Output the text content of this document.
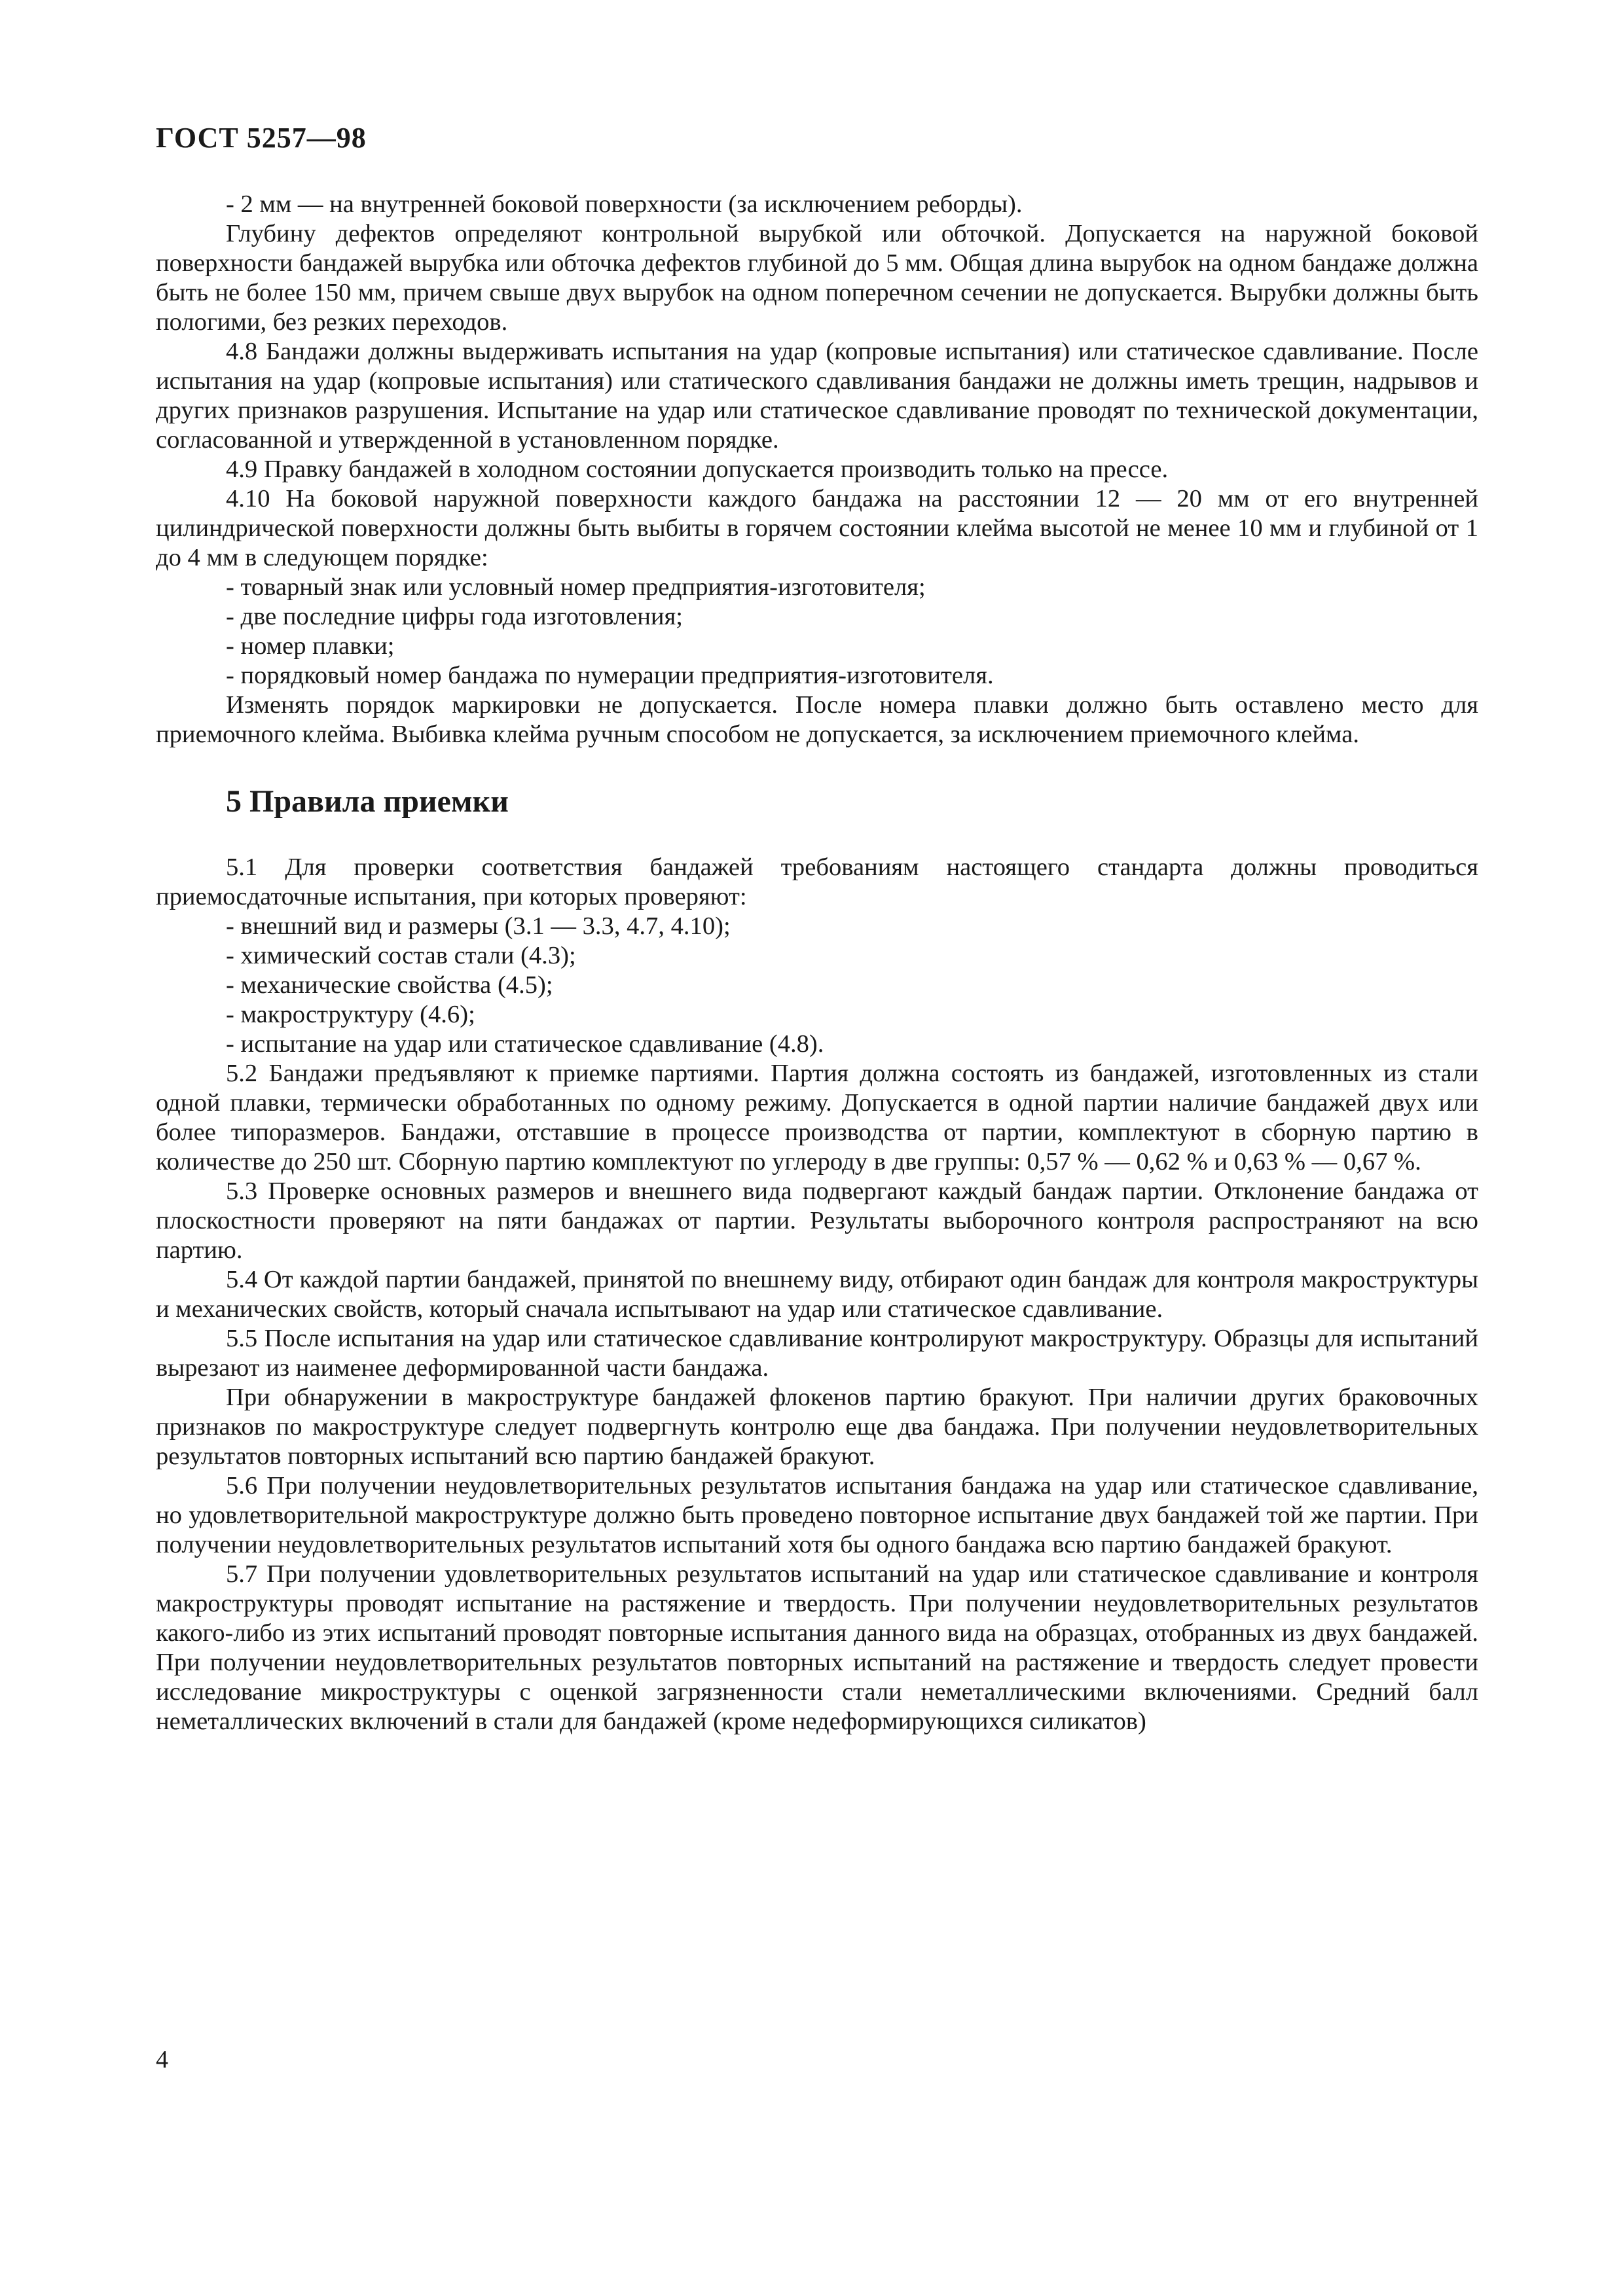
ГОСТ 5257—98

- 2 мм — на внутренней боковой поверхности (за исключением реборды).

Глубину дефектов определяют контрольной вырубкой или обточкой. Допускается на наружной боковой поверхности бандажей вырубка или обточка дефектов глубиной до 5 мм. Общая длина вырубок на одном бандаже должна быть не более 150 мм, причем свыше двух вырубок на одном поперечном сечении не допускается. Вырубки должны быть пологими, без резких переходов.

4.8 Бандажи должны выдерживать испытания на удар (копровые испытания) или статическое сдавливание. После испытания на удар (копровые испытания) или статического сдавливания бандажи не должны иметь трещин, надрывов и других признаков разрушения. Испытание на удар или статическое сдавливание проводят по технической документации, согласованной и утвержденной в установленном порядке.

4.9 Правку бандажей в холодном состоянии допускается производить только на прессе.

4.10 На боковой наружной поверхности каждого бандажа на расстоянии 12 — 20 мм от его внутренней цилиндрической поверхности должны быть выбиты в горячем состоянии клейма высотой не менее 10 мм и глубиной от 1 до 4 мм в следующем порядке:

- товарный знак или условный номер предприятия-изготовителя;

- две последние цифры года изготовления;

- номер плавки;

- порядковый номер бандажа по нумерации предприятия-изготовителя.

Изменять порядок маркировки не допускается. После номера плавки должно быть оставлено место для приемочного клейма. Выбивка клейма ручным способом не допускается, за исключением приемочного клейма.

5 Правила приемки

5.1 Для проверки соответствия бандажей требованиям настоящего стандарта должны проводиться приемосдаточные испытания, при которых проверяют:

- внешний вид и размеры (3.1 — 3.3, 4.7, 4.10);

- химический состав стали (4.3);

- механические свойства (4.5);

- макроструктуру (4.6);

- испытание на удар или статическое сдавливание (4.8).

5.2 Бандажи предъявляют к приемке партиями. Партия должна состоять из бандажей, изготовленных из стали одной плавки, термически обработанных по одному режиму. Допускается в одной партии наличие бандажей двух или более типоразмеров. Бандажи, отставшие в процессе производства от партии, комплектуют в сборную партию в количестве до 250 шт. Сборную партию комплектуют по углероду в две группы: 0,57 % — 0,62 % и 0,63 % — 0,67 %.

5.3 Проверке основных размеров и внешнего вида подвергают каждый бандаж партии. Отклонение бандажа от плоскостности проверяют на пяти бандажах от партии. Результаты выборочного контроля распространяют на всю партию.

5.4 От каждой партии бандажей, принятой по внешнему виду, отбирают один бандаж для контроля макроструктуры и механических свойств, который сначала испытывают на удар или статическое сдавливание.

5.5 После испытания на удар или статическое сдавливание контролируют макроструктуру. Образцы для испытаний вырезают из наименее деформированной части бандажа.

При обнаружении в макроструктуре бандажей флокенов партию бракуют. При наличии других браковочных признаков по макроструктуре следует подвергнуть контролю еще два бандажа. При получении неудовлетворительных результатов повторных испытаний всю партию бандажей бракуют.

5.6 При получении неудовлетворительных результатов испытания бандажа на удар или статическое сдавливание, но удовлетворительной макроструктуре должно быть проведено повторное испытание двух бандажей той же партии. При получении неудовлетворительных результатов испытаний хотя бы одного бандажа всю партию бандажей бракуют.

5.7 При получении удовлетворительных результатов испытаний на удар или статическое сдавливание и контроля макроструктуры проводят испытание на растяжение и твердость. При получении неудовлетворительных результатов какого-либо из этих испытаний проводят повторные испытания данного вида на образцах, отобранных из двух бандажей. При получении неудовлетворительных результатов повторных испытаний на растяжение и твердость следует провести исследование микроструктуры с оценкой загрязненности стали неметаллическими включениями. Средний балл неметаллических включений в стали для бандажей (кроме недеформирующихся силикатов)

4
